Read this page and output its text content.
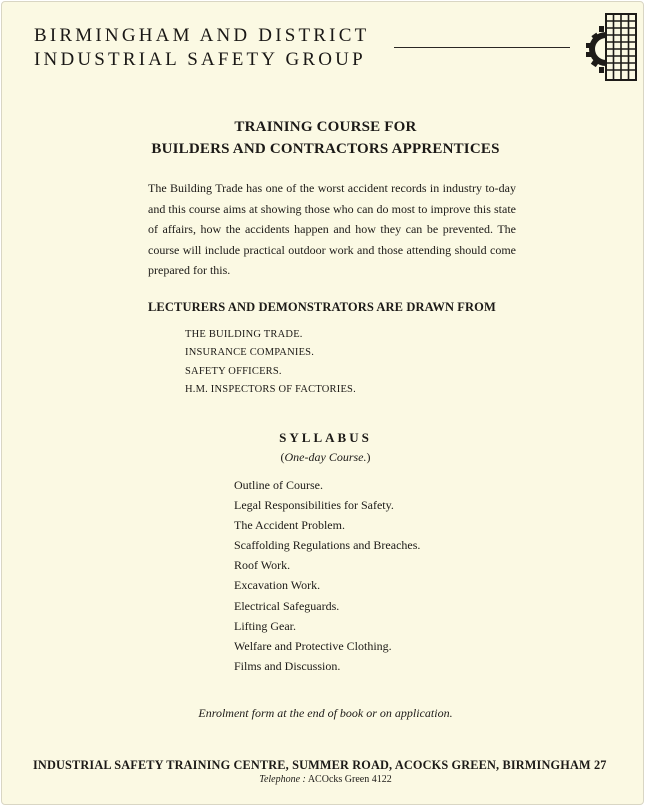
BIRMINGHAM AND DISTRICT
INDUSTRIAL SAFETY GROUP
TRAINING COURSE FOR
BUILDERS AND CONTRACTORS APPRENTICES
The Building Trade has one of the worst accident records in industry to-day and this course aims at showing those who can do most to improve this state of affairs, how the accidents happen and how they can be prevented. The course will include practical outdoor work and those attending should come prepared for this.
LECTURERS AND DEMONSTRATORS ARE DRAWN FROM
THE BUILDING TRADE.
INSURANCE COMPANIES.
SAFETY OFFICERS.
H.M. INSPECTORS OF FACTORIES.
SYLLABUS
(One-day Course.)
Outline of Course.
Legal Responsibilities for Safety.
The Accident Problem.
Scaffolding Regulations and Breaches.
Roof Work.
Excavation Work.
Electrical Safeguards.
Lifting Gear.
Welfare and Protective Clothing.
Films and Discussion.
Enrolment form at the end of book or on application.
INDUSTRIAL SAFETY TRAINING CENTRE, SUMMER ROAD, ACOCKS GREEN, BIRMINGHAM 27
Telephone : ACOcks Green 4122
